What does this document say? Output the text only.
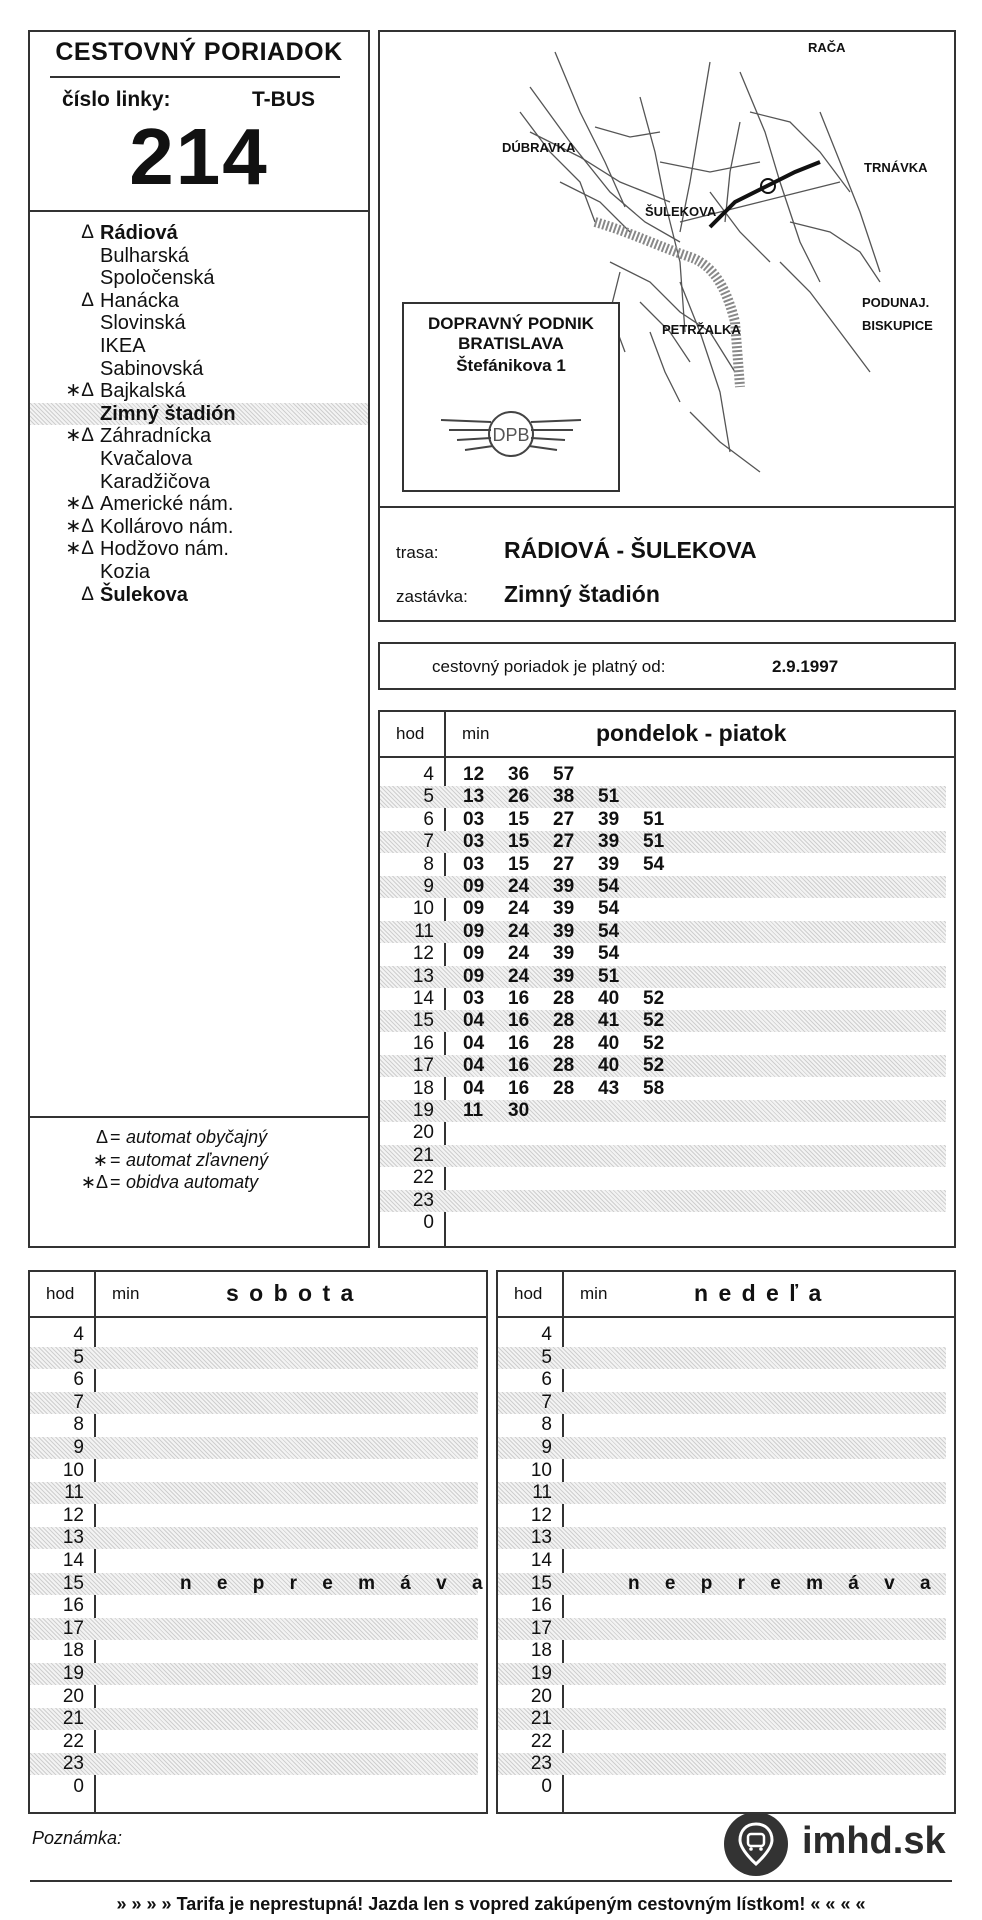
CESTOVNÝ PORIADOK
číslo linky:	T-BUS
214
Δ Rádiová
Bulharská
Spoločenská
Δ Hanácka
Slovinská
IKEA
Sabinovská
∗Δ Bajkalská
Zimný štadión
∗Δ Záhradnícka
Kvačalova
Karadžičova
∗Δ Americké nám.
∗Δ Kollárovo nám.
∗Δ Hodžovo nám.
Kozia
Δ Šulekova
Δ = automat obyčajný
∗ = automat zľavnený
∗Δ = obidva automaty
RAČA
DÚBRAVKA
TRNÁVKA
ŠULEKOVA
PETRŽALKA
PODUNAJ.
BISKUPICE
DOPRAVNÝ PODNIK
BRATISLAVA
Štefánikova 1
DPB
trasa:	RÁDIOVÁ - ŠULEKOVA
zastávka: Zimný štadión
cestovný poriadok je platný od:	2.9.1997
hod min	pondelok - piatok
4 12 36 57
5 13 26 38 51
6 03 15 27 39 51
7 03 15 27 39 51
8 03 15 27 39 54
9 09 24 39 54
10 09 24 39 54
11 09 24 39 54
12 09 24 39 54
13 09 24 39 51
14 03 16 28 40 52
15 04 16 28 41 52
16 04 16 28 40 52
17 04 16 28 40 52
18 04 16 28 43 58
19 11 30
20
21
22
23
0
hod min	s o b o t a
4
5
6
7
8
9
10
11
12
13
14
15
16
17
18
19
20
21
22
23
0
n e p r e m á v a
hod min	n e d e ľ a
4
5
6
7
8
9
10
11
12
13
14
15
16
17
18
19
20
21
22
23
0
n e p r e m á v a
Poznámka:	imhd.sk
» » » » Tarifa je neprestupná! Jazda len s vopred zakúpeným cestovným lístkom! « « « «
